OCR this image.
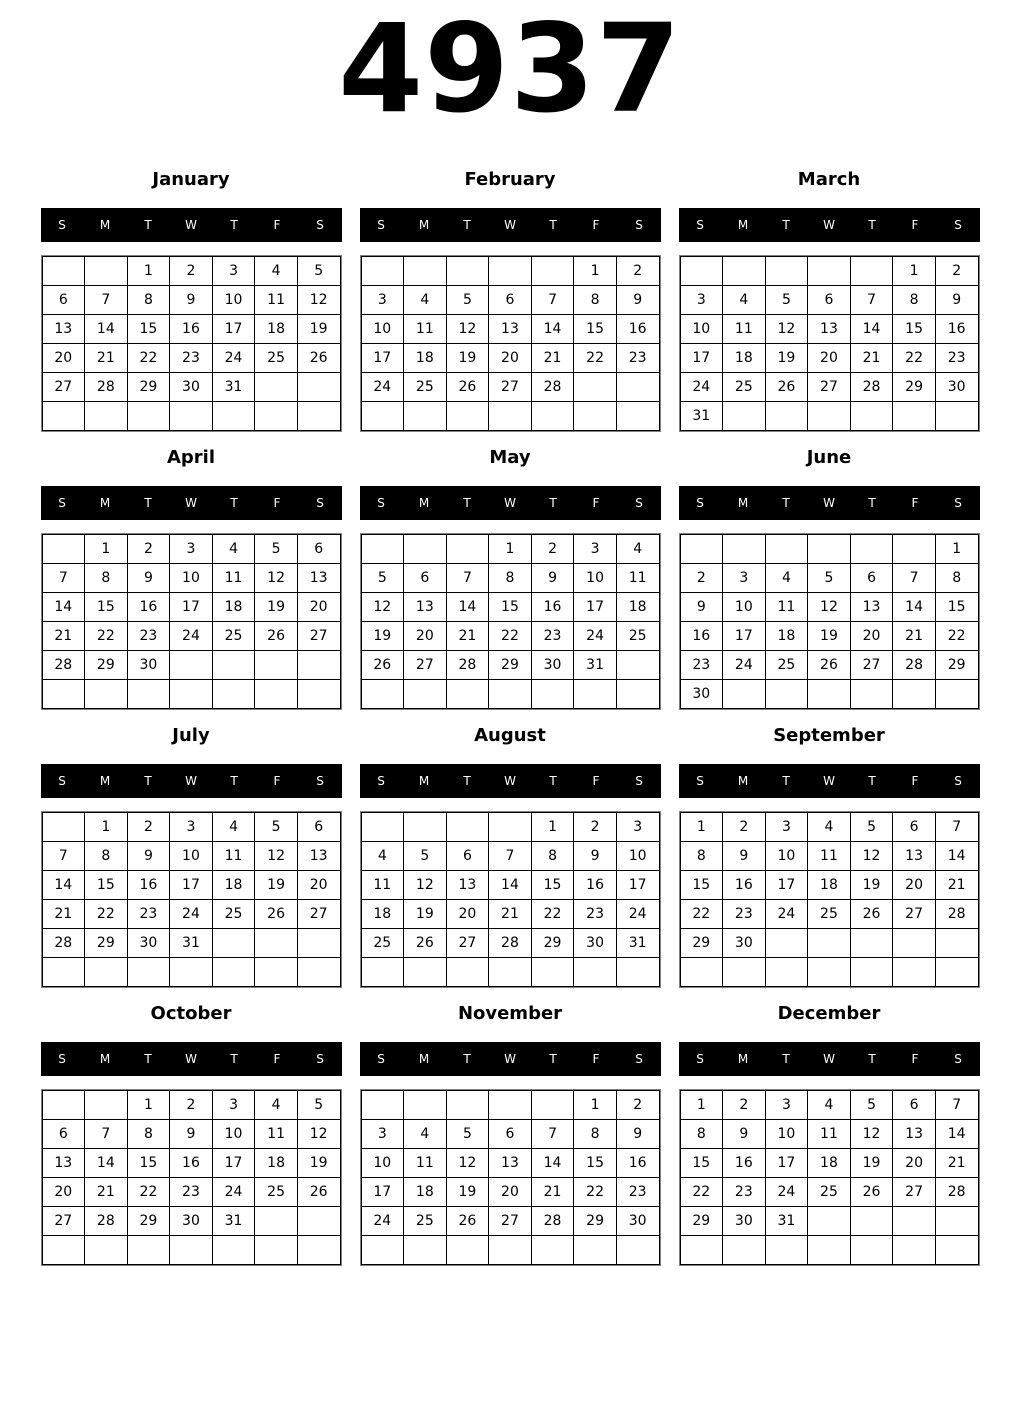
4937
January
S	M	T	W	T	F	S
		1	2	3	4	5
6	7	8	9	10	11	12
13	14	15	16	17	18	19
20	21	22	23	24	25	26
27	28	29	30	31		

February
S	M	T	W	T	F	S
					1	2
3	4	5	6	7	8	9
10	11	12	13	14	15	16
17	18	19	20	21	22	23
24	25	26	27	28		

March
S	M	T	W	T	F	S
					1	2
3	4	5	6	7	8	9
10	11	12	13	14	15	16
17	18	19	20	21	22	23
24	25	26	27	28	29	30
31						
April
S	M	T	W	T	F	S
	1	2	3	4	5	6
7	8	9	10	11	12	13
14	15	16	17	18	19	20
21	22	23	24	25	26	27
28	29	30				

May
S	M	T	W	T	F	S
			1	2	3	4
5	6	7	8	9	10	11
12	13	14	15	16	17	18
19	20	21	22	23	24	25
26	27	28	29	30	31	

June
S	M	T	W	T	F	S
						1
2	3	4	5	6	7	8
9	10	11	12	13	14	15
16	17	18	19	20	21	22
23	24	25	26	27	28	29
30						
July
S	M	T	W	T	F	S
	1	2	3	4	5	6
7	8	9	10	11	12	13
14	15	16	17	18	19	20
21	22	23	24	25	26	27
28	29	30	31			

August
S	M	T	W	T	F	S
				1	2	3
4	5	6	7	8	9	10
11	12	13	14	15	16	17
18	19	20	21	22	23	24
25	26	27	28	29	30	31

September
S	M	T	W	T	F	S
1	2	3	4	5	6	7
8	9	10	11	12	13	14
15	16	17	18	19	20	21
22	23	24	25	26	27	28
29	30					

October
S	M	T	W	T	F	S
		1	2	3	4	5
6	7	8	9	10	11	12
13	14	15	16	17	18	19
20	21	22	23	24	25	26
27	28	29	30	31		

November
S	M	T	W	T	F	S
					1	2
3	4	5	6	7	8	9
10	11	12	13	14	15	16
17	18	19	20	21	22	23
24	25	26	27	28	29	30

December
S	M	T	W	T	F	S
1	2	3	4	5	6	7
8	9	10	11	12	13	14
15	16	17	18	19	20	21
22	23	24	25	26	27	28
29	30	31				
